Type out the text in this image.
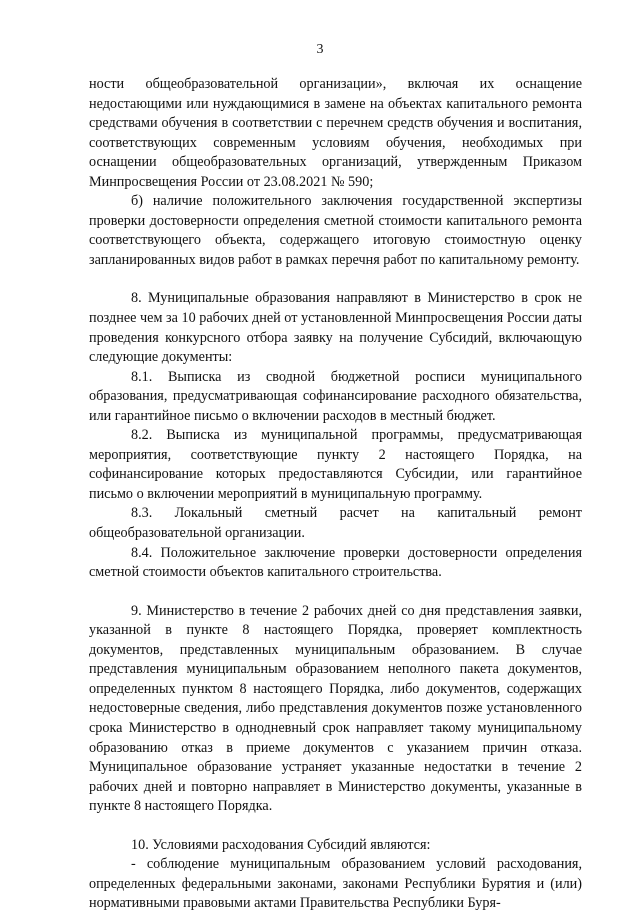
3

ности общеобразовательной организации», включая их оснащение недостающими или нуждающимися в замене на объектах капитального ремонта средствами обучения в соответствии с перечнем средств обучения и воспитания, соответствующих современным условиям обучения, необходимых при оснащении общеобразовательных организаций, утвержденным Приказом Минпросвещения России от 23.08.2021 № 590;

б) наличие положительного заключения государственной экспертизы проверки достоверности определения сметной стоимости капитального ремонта соответствующего объекта, содержащего итоговую стоимостную оценку запланированных видов работ в рамках перечня работ по капитальному ремонту.

8. Муниципальные образования направляют в Министерство в срок не позднее чем за 10 рабочих дней от установленной Минпросвещения России даты проведения конкурсного отбора заявку на получение Субсидий, включающую следующие документы:

8.1. Выписка из сводной бюджетной росписи муниципального образования, предусматривающая софинансирование расходного обязательства, или гарантийное письмо о включении расходов в местный бюджет.

8.2. Выписка из муниципальной программы, предусматривающая мероприятия, соответствующие пункту 2 настоящего Порядка, на софинансирование которых предоставляются Субсидии, или гарантийное письмо о включении мероприятий в муниципальную программу.

8.3. Локальный сметный расчет на капитальный ремонт общеобразовательной организации.

8.4. Положительное заключение проверки достоверности определения сметной стоимости объектов капитального строительства.

9. Министерство в течение 2 рабочих дней со дня представления заявки, указанной в пункте 8 настоящего Порядка, проверяет комплектность документов, представленных муниципальным образованием. В случае представления муниципальным образованием неполного пакета документов, определенных пунктом 8 настоящего Порядка, либо документов, содержащих недостоверные сведения, либо представления документов позже установленного срока Министерство в однодневный срок направляет такому муниципальному образованию отказ в приеме документов с указанием причин отказа. Муниципальное образование устраняет указанные недостатки в течение 2 рабочих дней и повторно направляет в Министерство документы, указанные в пункте 8 настоящего Порядка.

10. Условиями расходования Субсидий являются:

- соблюдение муниципальным образованием условий расходования, определенных федеральными законами, законами Республики Бурятия и (или) нормативными правовыми актами Правительства Республики Буря-
